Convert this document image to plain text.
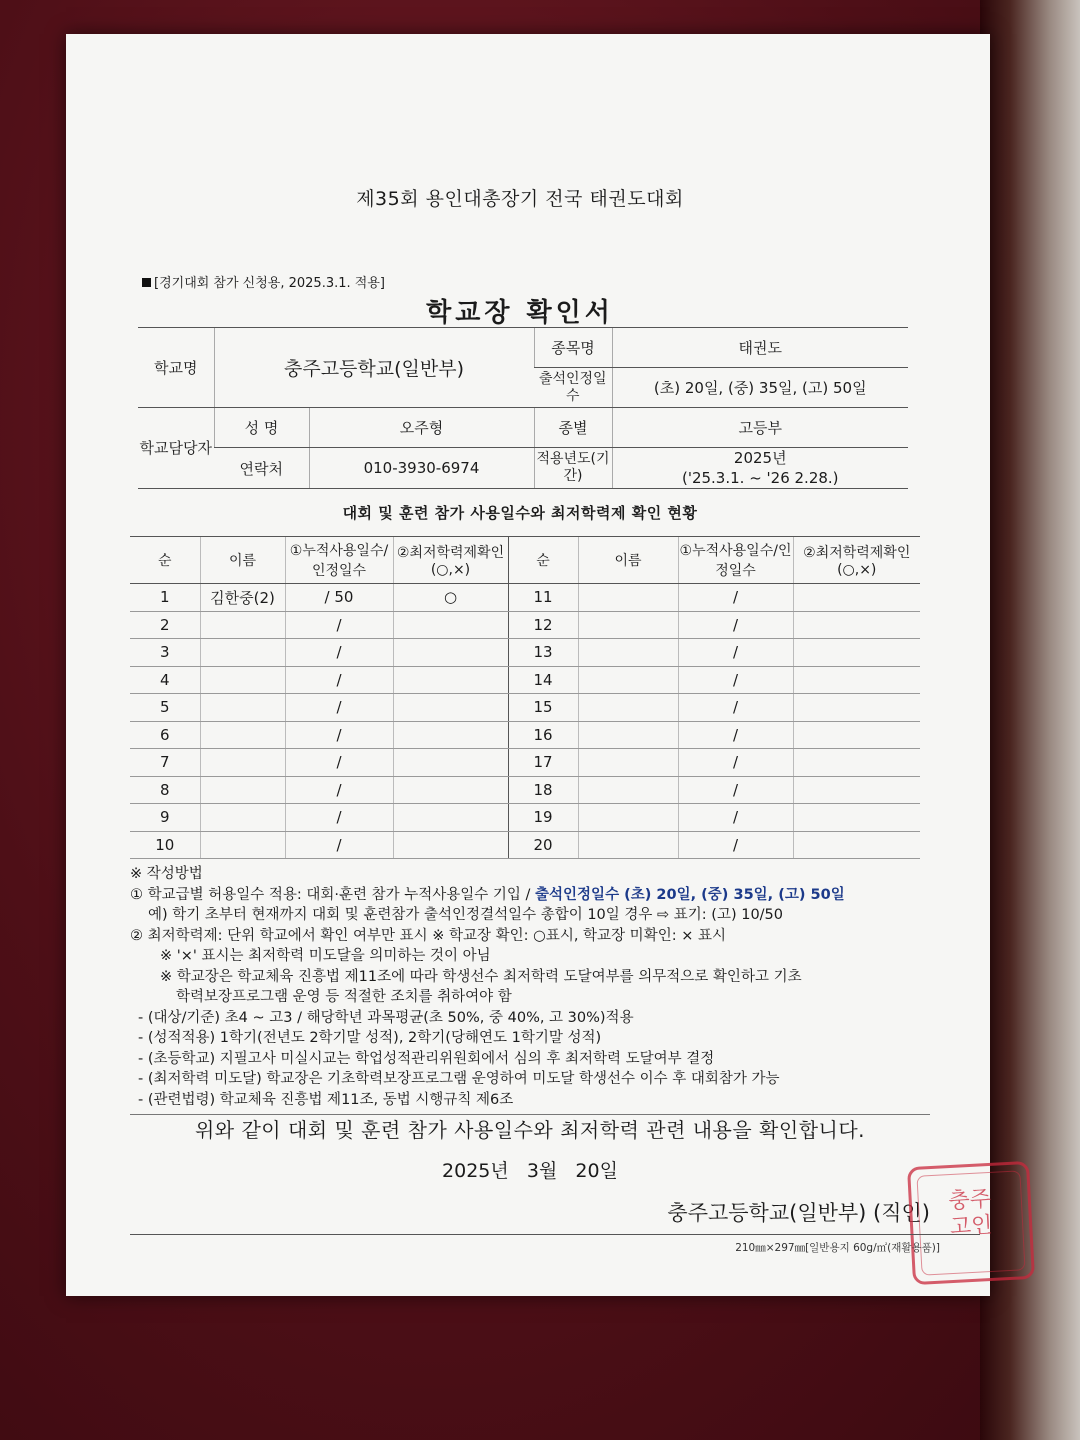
제35회 용인대총장기 전국 태권도대회
[경기대회 참가 신청용, 2025.3.1. 적용]
학교장 확인서
학교명	충주고등학교(일반부)		종목명	태권도
			출석인정일수	(초) 20일, (중) 35일, (고) 50일
학교담당자	성 명	오주형	종별	고등부
	연락처	010-3930-6974	적용년도(기간)	2025년
('25.3.1. ~ '26 2.28.)
대회 및 훈련 참가 사용일수와 최저학력제 확인 현황
순	이름	①누적사용일수/인정일수	②최저학력제확인(○,×)	순	이름	①누적사용일수/인정일수	②최저학력제확인(○,×)
1	김한중(2)	/ 50	○	11		/	
2		/		12		/	
3		/		13		/	
4		/		14		/	
5		/		15		/	
6		/		16		/	
7		/		17		/	
8		/		18		/	
9		/		19		/	
10		/		20		/	
※ 작성방법
① 학교급별 허용일수 적용: 대회·훈련 참가 누적사용일수 기입 / 출석인정일수 (초) 20일, (중) 35일, (고) 50일
예) 학기 초부터 현재까지 대회 및 훈련참가 출석인정결석일수 총합이 10일 경우 ⇨ 표기: (고) 10/50
② 최저학력제: 단위 학교에서 확인 여부만 표시 ※ 학교장 확인: ○표시, 학교장 미확인: × 표시
※ '×' 표시는 최저학력 미도달을 의미하는 것이 아님
※ 학교장은 학교체육 진흥법 제11조에 따라 학생선수 최저학력 도달여부를 의무적으로 확인하고 기초
학력보장프로그램 운영 등 적절한 조치를 취하여야 함
- (대상/기준) 초4 ~ 고3 / 해당학년 과목평균(초 50%, 중 40%, 고 30%)적용
- (성적적용) 1학기(전년도 2학기말 성적), 2학기(당해연도 1학기말 성적)
- (초등학교) 지필고사 미실시교는 학업성적관리위원회에서 심의 후 최저학력 도달여부 결정
- (최저학력 미도달) 학교장은 기초학력보장프로그램 운영하여 미도달 학생선수 이수 후 대회참가 가능
- (관련법령) 학교체육 진흥법 제11조, 동법 시행규칙 제6조
위와 같이 대회 및 훈련 참가 사용일수와 최저학력 관련 내용을 확인합니다.
2025년   3월   20일
충주고등학교(일반부) (직인) 충주
고인
210㎜×297㎜[일반용지 60g/㎡(재활용품)]
